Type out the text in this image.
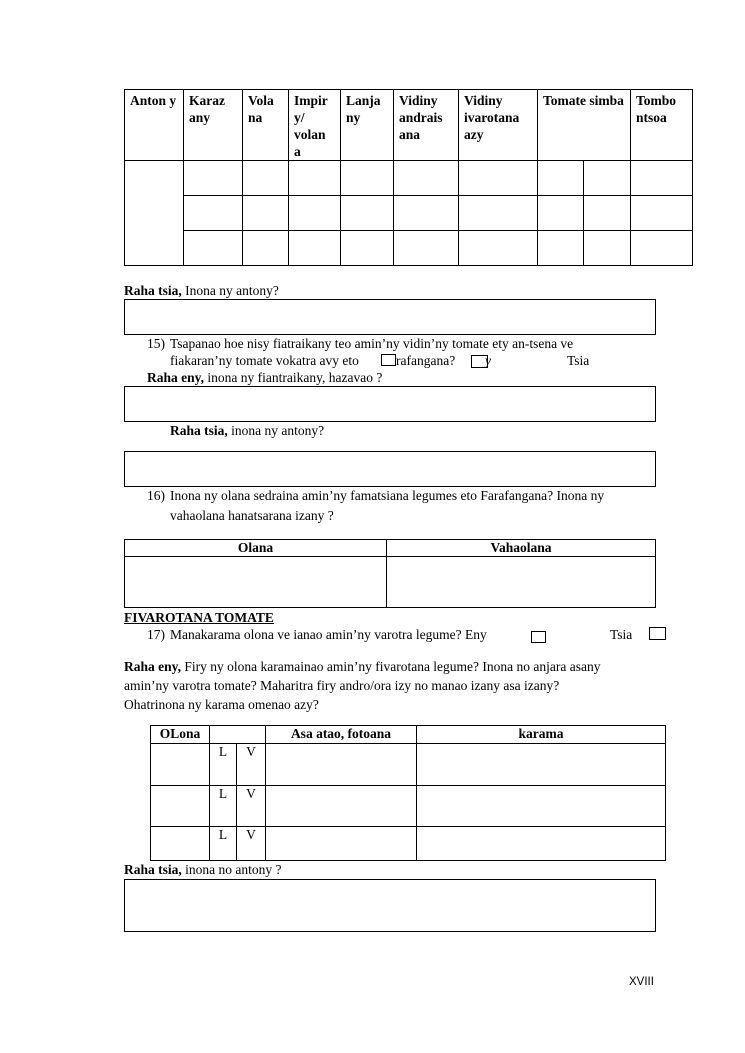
Anton y	Karaz any	Vola na	Impir y/ volan a	Lanja ny	Vidiny andrais ana	Vidiny ivarotana azy	Tomate simba		Tombo ntsoa

Raha tsia, Inona ny antony?
15) Tsapanao hoe nisy fiatraikany teo amin’ny vidin’ny tomate ety an-tsena ve
fiakaran’ny tomate vokatra avy eto	rafangana? y	Tsia
Raha eny, inona ny fiantraikany, hazavao ?
Raha tsia, inona ny antony?
16) Inona ny olana sedraina amin’ny famatsiana legumes eto Farafangana? Inona ny
vahaolana hanatsarana izany ?
Olana	Vahaolana

FIVAROTANA TOMATE
17) Manakarama olona ve ianao amin’ny varotra legume? Eny	Tsia
Raha eny, Firy ny olona karamainao amin’ny fivarotana legume? Inona no anjara asany
amin’ny varotra tomate? Maharitra firy andro/ora izy no manao izany asa izany?
Ohatrinona ny karama omenao azy?
OLona			Asa atao, fotoana	karama
	L	V		
	L	V		
	L	V		
Raha tsia, inona no antony ?
XVIII
